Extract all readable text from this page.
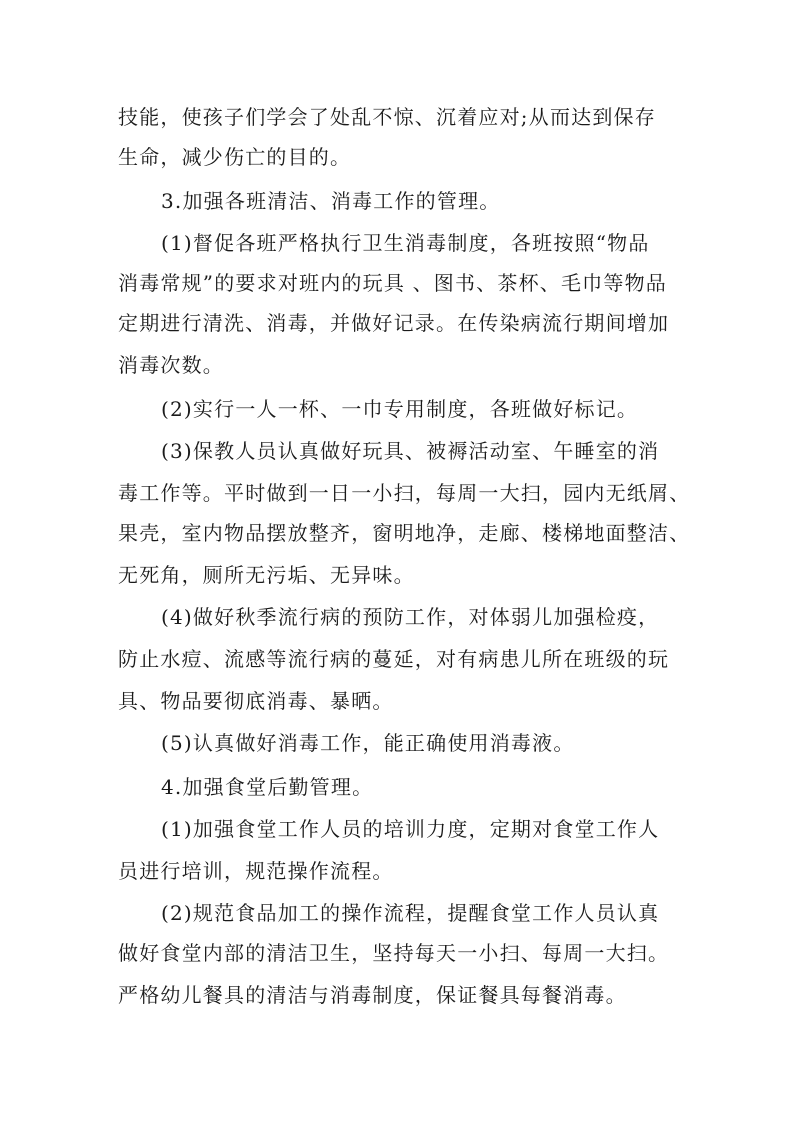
技能，使孩子们学会了处乱不惊、沉着应对;从而达到保存
生命，减少伤亡的目的。
3.加强各班清洁、消毒工作的管理。
(1)督促各班严格执行卫生消毒制度，各班按照“物品
消毒常规”的要求对班内的玩具 、图书、茶杯、毛巾等物品
定期进行清洗、消毒，并做好记录。在传染病流行期间增加
消毒次数。
(2)实行一人一杯、一巾专用制度，各班做好标记。
(3)保教人员认真做好玩具、被褥活动室、午睡室的消
毒工作等。平时做到一日一小扫，每周一大扫，园内无纸屑、
果壳，室内物品摆放整齐，窗明地净，走廊、楼梯地面整洁、
无死角，厕所无污垢、无异味。
(4)做好秋季流行病的预防工作，对体弱儿加强检疫，
防止水痘、流感等流行病的蔓延，对有病患儿所在班级的玩
具、物品要彻底消毒、暴晒。
(5)认真做好消毒工作，能正确使用消毒液。
4.加强食堂后勤管理。
(1)加强食堂工作人员的培训力度，定期对食堂工作人
员进行培训，规范操作流程。
(2)规范食品加工的操作流程，提醒食堂工作人员认真
做好食堂内部的清洁卫生，坚持每天一小扫、每周一大扫。
严格幼儿餐具的清洁与消毒制度，保证餐具每餐消毒。
